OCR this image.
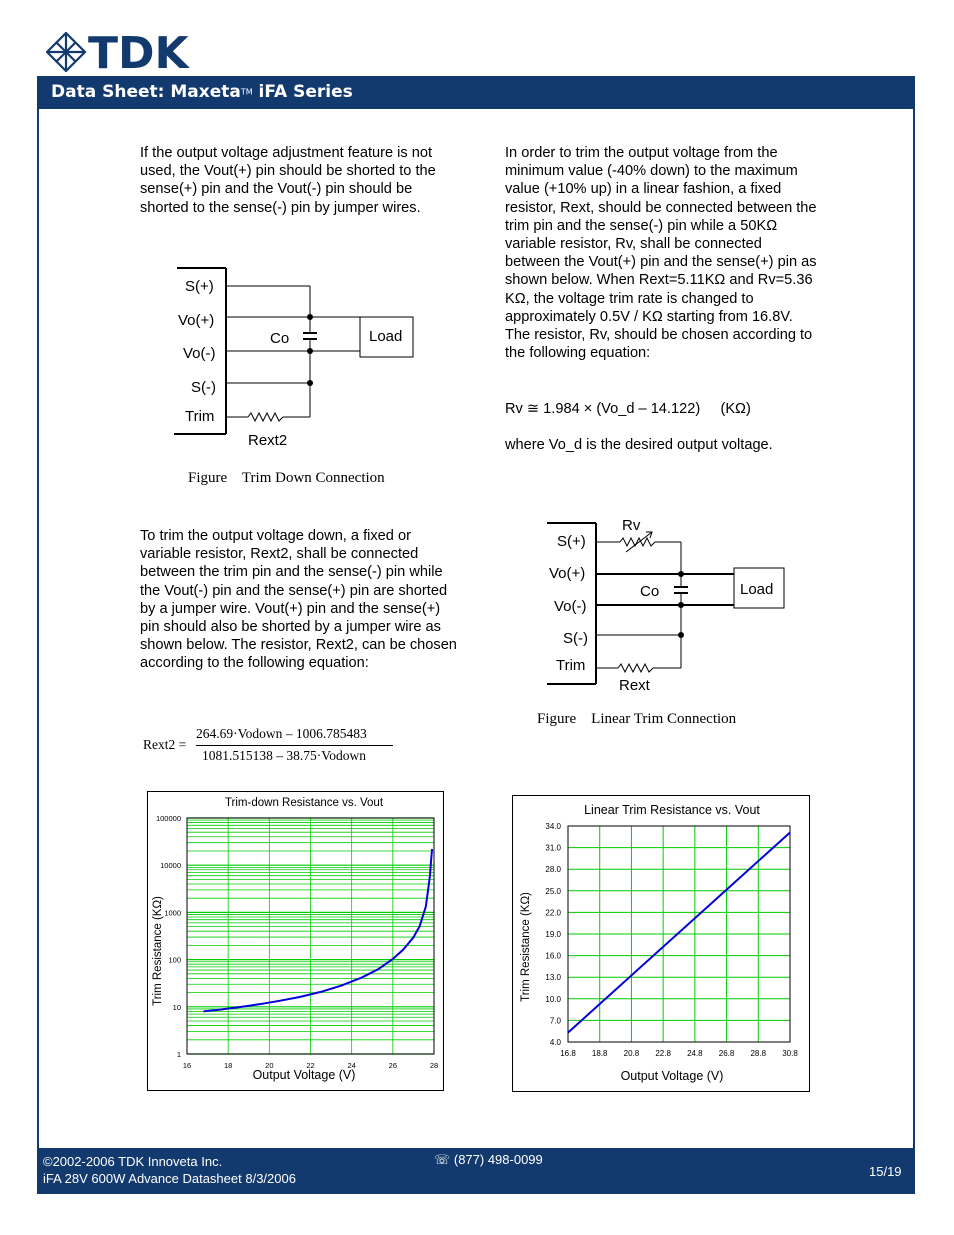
TDK
Data Sheet: MaxetaTM iFA Series
If the output voltage adjustment feature is not used, the Vout(+) pin should be shorted to the sense(+) pin and the Vout(-) pin should be shorted to the sense(-) pin by jumper wires.
S(+)
Vo(+)
Vo(-)
S(-)
Trim
Co	Load
Rext2
Figure    Trim Down Connection
To trim the output voltage down, a fixed or variable resistor, Rext2, shall be connected between the trim pin and the sense(-) pin while the Vout(-) pin and the sense(+) pin are shorted by a jumper wire. Vout(+) pin and the sense(+) pin should also be shorted by a jumper wire as shown below. The resistor, Rext2, can be chosen according to the following equation:
Rext2 =
264.69·Vodown – 1006.785483
1081.515138 – 38.75·Vodown
In order to trim the output voltage from the minimum value (-40% down) to the maximum value (+10% up) in a linear fashion, a fixed resistor, Rext, should be connected between the trim pin and the sense(-) pin while a 50KΩ variable resistor, Rv, shall be connected between the Vout(+) pin and the sense(+) pin as shown below. When Rext=5.11KΩ and Rv=5.36 KΩ, the voltage trim rate is changed to approximately 0.5V / KΩ starting from 16.8V. The resistor, Rv, should be chosen according to the following equation:
Rv ≅ 1.984 × (Vo_d – 14.122)     (KΩ)
where Vo_d is the desired output voltage.
Rv
S(+)
Vo(+)
Vo(-)
S(-)
Trim
Co	Load
Rext
Figure    Linear Trim Connection
Trim-down Resistance vs. Vout
Output Voltage (V)
Trim Resistance (KΩ)
1
10
100
1000
10000
100000
16	18	20	22	24	26	28
Linear Trim Resistance vs. Vout
Output Voltage (V)
Trim Resistance (KΩ)
4.0
7.0
10.0
13.0
16.0
19.0
22.0
25.0
28.0
31.0
34.0
16.8 18.8 20.8 22.8 24.8 26.8 28.8 30.8
©2002-2006 TDK Innoveta Inc.
iFA 28V 600W Advance Datasheet 8/3/2006
☏ (877) 498-0099
15/19
